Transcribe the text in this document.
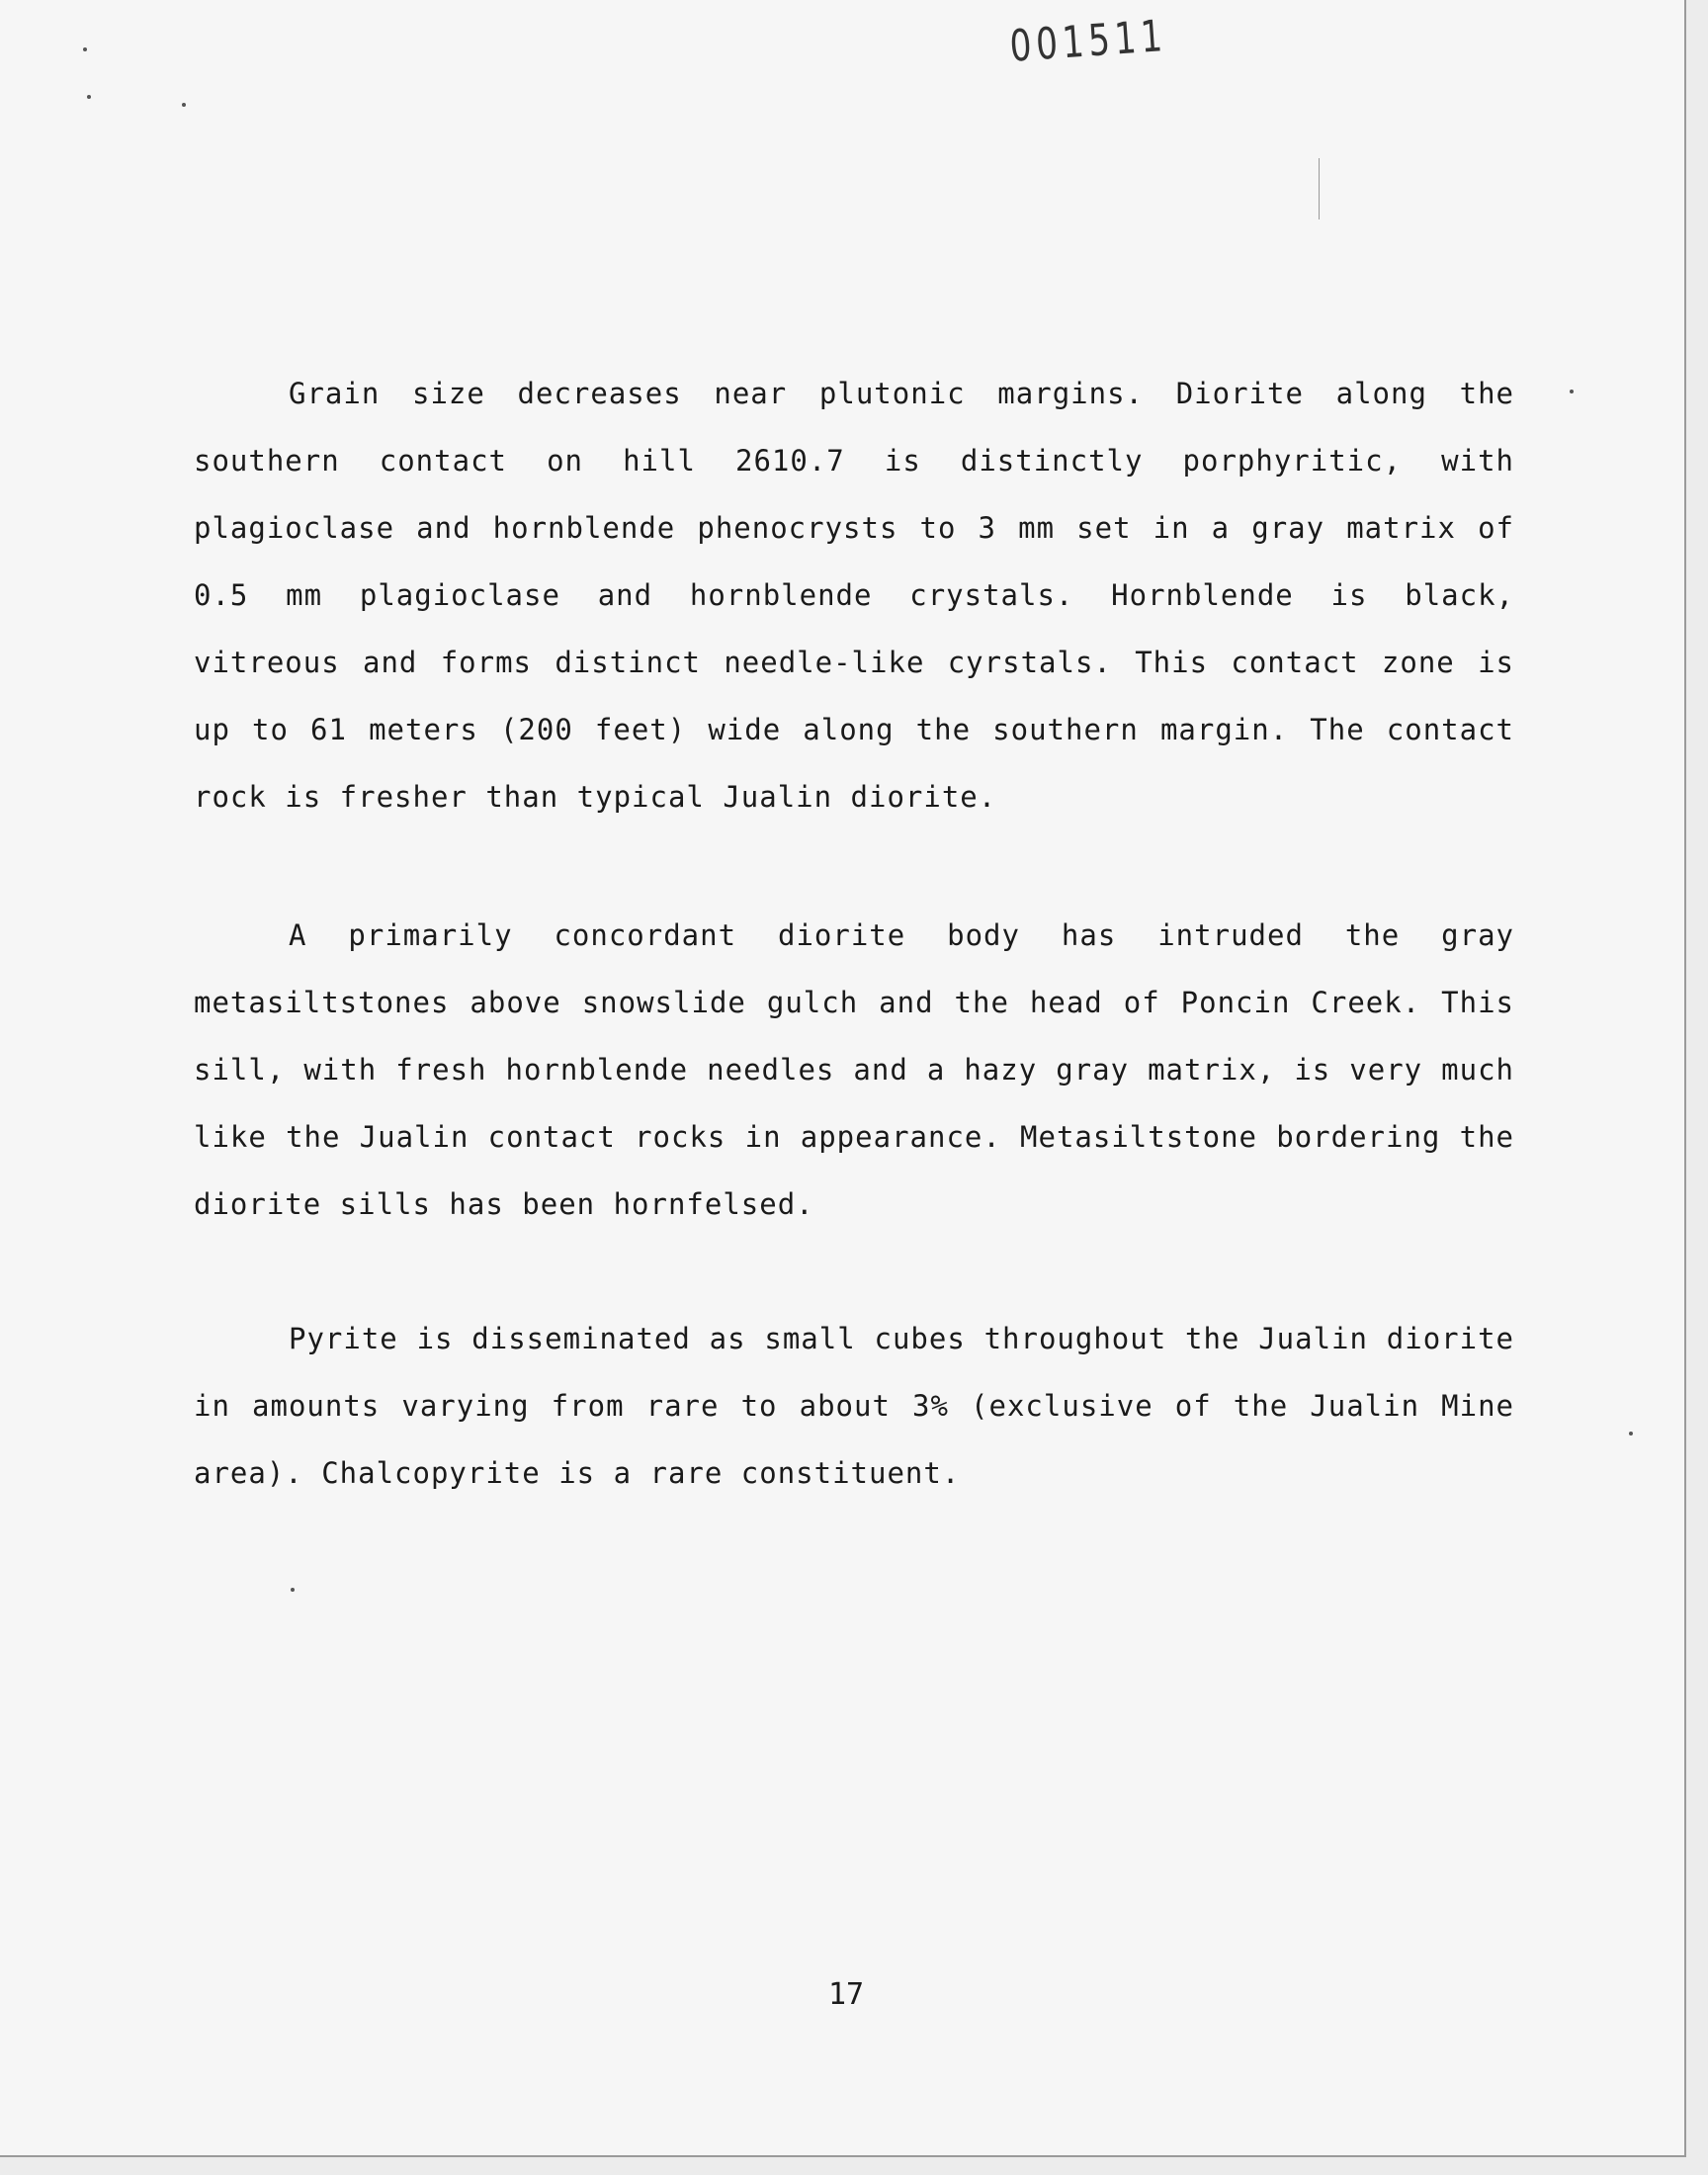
001511

Grain size decreases near plutonic margins. Diorite along the southern contact on hill 2610.7 is distinctly porphyritic, with plagioclase and hornblende phenocrysts to 3 mm set in a gray matrix of 0.5 mm plagioclase and hornblende crystals. Hornblende is black, vitreous and forms distinct needle-like cyrstals. This contact zone is up to 61 meters (200 feet) wide along the southern margin. The contact rock is fresher than typical Jualin diorite.

A primarily concordant diorite body has intruded the gray metasiltstones above snowslide gulch and the head of Poncin Creek. This sill, with fresh hornblende needles and a hazy gray matrix, is very much like the Jualin contact rocks in appearance. Metasiltstone bordering the diorite sills has been hornfelsed.

Pyrite is disseminated as small cubes throughout the Jualin diorite in amounts varying from rare to about 3% (exclusive of the Jualin Mine area). Chalcopyrite is a rare constituent.

17
